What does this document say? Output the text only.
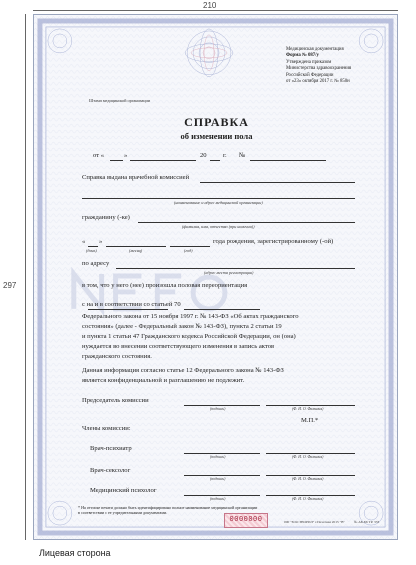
210
297
Штамп медицинской организации
Медицинская документация
Форма № 087/у
Утверждена приказом
Министерства здравоохранения
Российской Федерации
от «23» октября 2017 г. № 850н
СПРАВКА
об изменении пола
от «	»	20 г. №
Справка выдана врачебной комиссией
(наименование и адрес медицинской организации)
гражданину (-ке)
(фамилия, имя, отчество (при наличии))
« »	года рождения, зарегистрированному (-ой)
(день)	(месяц)	(год)
по адресу
(адрес места регистрации)
в том, что у него (нее) произошла половая переориентация
с на и в соответствии со статьей 70
Федерального закона от 15 ноября 1997 г. № 143-ФЗ «Об актах гражданского
состояния» (далее - Федеральный закон № 143-ФЗ), пункта 2 статьи 19
и пункта 1 статьи 47 Гражданского кодекса Российской Федерации, он (она)
нуждается во внесении соответствующего изменения в запись актов
гражданского состояния.
Данная информация согласно статье 12 Федерального закона № 143-ФЗ
является конфиденциальной и разглашению не подлежит.
Председатель комиссии
(подпись)	(Ф. И. О. Фамилия)
М.П.*
Члены комиссии:
Врач-психиатр
(подпись)	(Ф. И. О. Фамилия)
Врач-сексолог
(подпись)	(Ф. И. О. Фамилия)
Медицинский психолог
(подпись)	(Ф. И. О. Фамилия)
* На оттиске печати должно быть идентифицировано полное наименование медицинской организации
в соответствии с ее учредительными документами.
0000000	000 "ЗОО ЗНОРИЛ" г.Печатная 2015 "В"	№ АБ-Б6 ТР. 333
Лицевая сторона
